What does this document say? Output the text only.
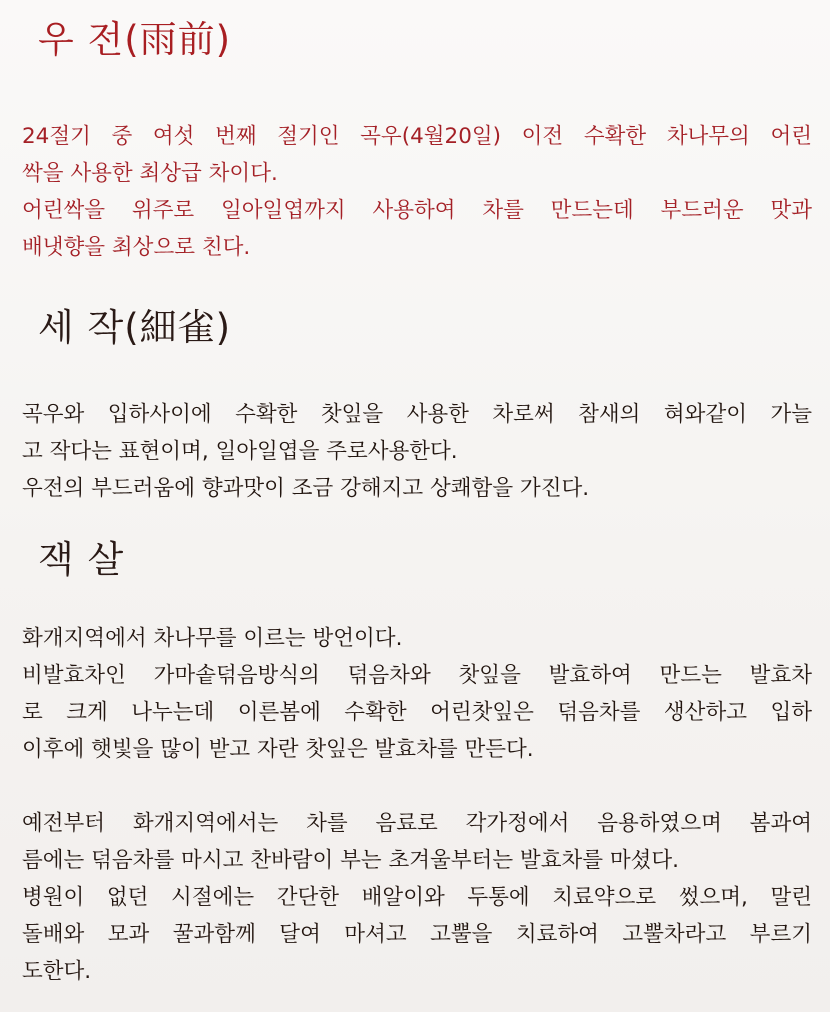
우 전(雨前)
24절기 중 여섯 번째 절기인 곡우(4월20일) 이전 수확한 차나무의 어린
싹을 사용한 최상급 차이다.
어린싹을 위주로 일아일엽까지 사용하여 차를 만드는데 부드러운 맛과
배냇향을 최상으로 친다.
세 작(細雀)
곡우와 입하사이에 수확한 찻잎을 사용한 차로써 참새의 혀와같이 가늘
고 작다는 표현이며, 일아일엽을 주로사용한다.
우전의 부드러움에 향과맛이 조금 강해지고 상쾌함을 가진다.
잭 살
화개지역에서 차나무를 이르는 방언이다.
비발효차인 가마솥덖음방식의 덖음차와 찻잎을 발효하여 만드는 발효차
로 크게 나누는데 이른봄에 수확한 어린찻잎은 덖음차를 생산하고 입하
이후에 햇빛을 많이 받고 자란 찻잎은 발효차를 만든다.
예전부터 화개지역에서는 차를 음료로 각가정에서 음용하였으며 봄과여
름에는 덖음차를 마시고 찬바람이 부는 초겨울부터는 발효차를 마셨다.
병원이 없던 시절에는 간단한 배알이와 두통에 치료약으로 썼으며, 말린
돌배와 모과 꿀과함께 달여 마셔고 고뿔을 치료하여 고뿔차라고 부르기
도한다.
